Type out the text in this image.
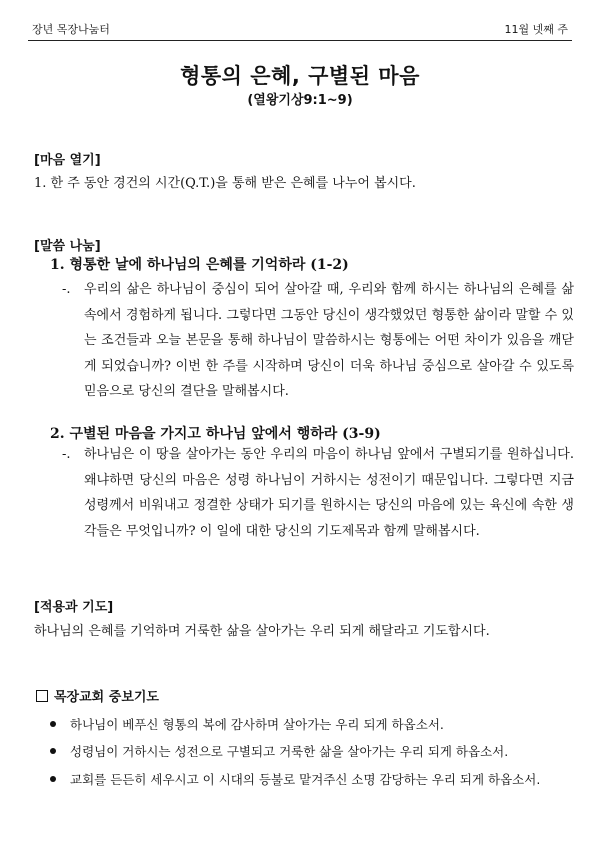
장년 목장나눔터	11월 넷째 주
형통의 은혜, 구별된 마음
(열왕기상9:1~9)
[마음 열기]
1. 한 주 동안 경건의 시간(Q.T.)을 통해 받은 은혜를 나누어 봅시다.
[말씀 나눔]
1. 형통한 날에 하나님의 은혜를 기억하라 (1-2)
-. 우리의 삶은 하나님이 중심이 되어 살아갈 때, 우리와 함께 하시는 하나님의 은혜를 삶 속에서 경험하게 됩니다. 그렇다면 그동안 당신이 생각했었던 형통한 삶이라 말할 수 있는 조건들과 오늘 본문을 통해 하나님이 말씀하시는 형통에는 어떤 차이가 있음을 깨닫게 되었습니까? 이번 한 주를 시작하며 당신이 더욱 하나님 중심으로 살아갈 수 있도록 믿음으로 당신의 결단을 말해봅시다.
2. 구별된 마음을 가지고 하나님 앞에서 행하라 (3-9)
-. 하나님은 이 땅을 살아가는 동안 우리의 마음이 하나님 앞에서 구별되기를 원하십니다. 왜냐하면 당신의 마음은 성령 하나님이 거하시는 성전이기 때문입니다. 그렇다면 지금 성령께서 비워내고 정결한 상태가 되기를 원하시는 당신의 마음에 있는 육신에 속한 생각들은 무엇입니까? 이 일에 대한 당신의 기도제목과 함께 말해봅시다.
[적용과 기도]
하나님의 은혜를 기억하며 거룩한 삶을 살아가는 우리 되게 해달라고 기도합시다.
목장교회 중보기도
하나님이 베푸신 형통의 복에 감사하며 살아가는 우리 되게 하옵소서.
성령님이 거하시는 성전으로 구별되고 거룩한 삶을 살아가는 우리 되게 하옵소서.
교회를 든든히 세우시고 이 시대의 등불로 맡겨주신 소명 감당하는 우리 되게 하옵소서.
